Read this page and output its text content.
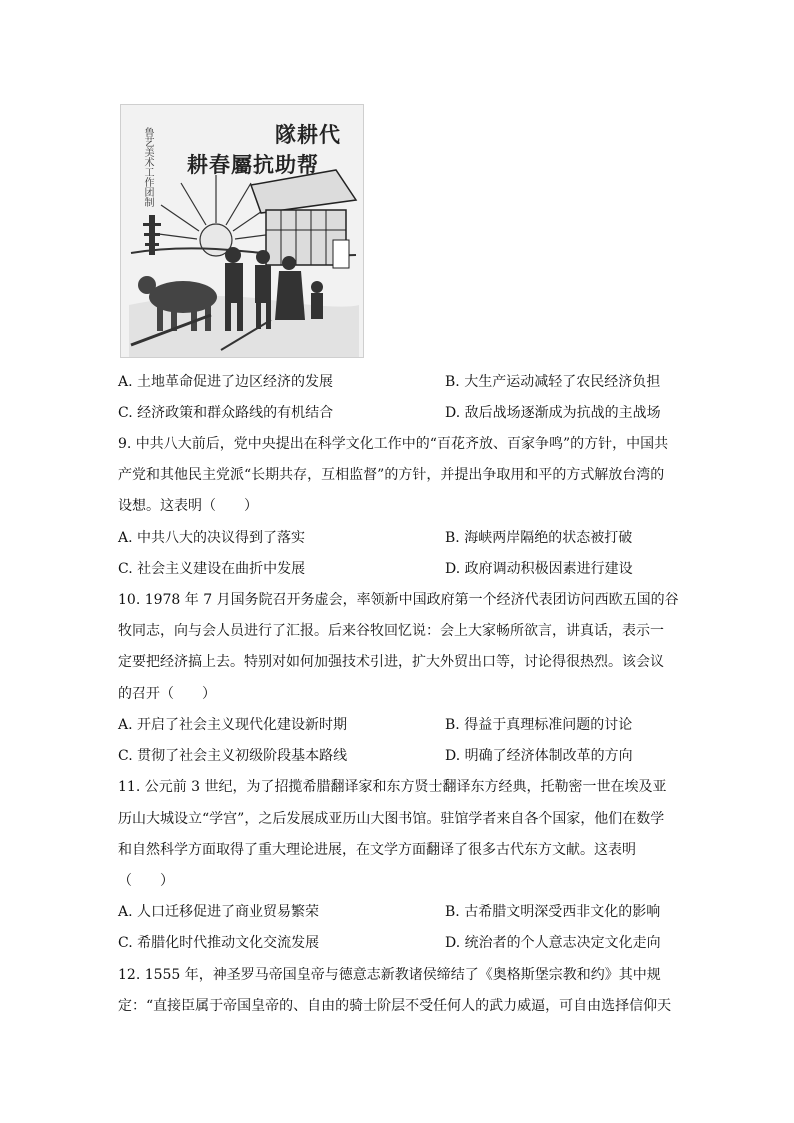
隊耕代
耕春屬抗助帮
鲁艺美术工作团制
A. 土地革命促进了边区经济的发展	B. 大生产运动减轻了农民经济负担
C. 经济政策和群众路线的有机结合	D. 敌后战场逐渐成为抗战的主战场
9. 中共八大前后，党中央提出在科学文化工作中的“百花齐放、百家争鸣”的方针，中国共
产党和其他民主党派“长期共存，互相监督”的方针，并提出争取用和平的方式解放台湾的
设想。这表明（　　）
A. 中共八大的决议得到了落实	B. 海峡两岸隔绝的状态被打破
C. 社会主义建设在曲折中发展	D. 政府调动积极因素进行建设
10. 1978 年 7 月国务院召开务虚会，率领新中国政府第一个经济代表团访问西欧五国的谷
牧同志，向与会人员进行了汇报。后来谷牧回忆说：会上大家畅所欲言，讲真话，表示一
定要把经济搞上去。特别对如何加强技术引进，扩大外贸出口等，讨论得很热烈。该会议
的召开（　　）
A. 开启了社会主义现代化建设新时期	B. 得益于真理标准问题的讨论
C. 贯彻了社会主义初级阶段基本路线	D. 明确了经济体制改革的方向
11. 公元前 3 世纪，为了招揽希腊翻译家和东方贤士翻译东方经典，托勒密一世在埃及亚
历山大城设立“学宫”，之后发展成亚历山大图书馆。驻馆学者来自各个国家，他们在数学
和自然科学方面取得了重大理论进展，在文学方面翻译了很多古代东方文献。这表明
（　　）
A. 人口迁移促进了商业贸易繁荣	B. 古希腊文明深受西非文化的影响
C. 希腊化时代推动文化交流发展	D. 统治者的个人意志决定文化走向
12. 1555 年，神圣罗马帝国皇帝与德意志新教诸侯缔结了《奥格斯堡宗教和约》其中规
定：“直接臣属于帝国皇帝的、自由的骑士阶层不受任何人的武力威逼，可自由选择信仰天
